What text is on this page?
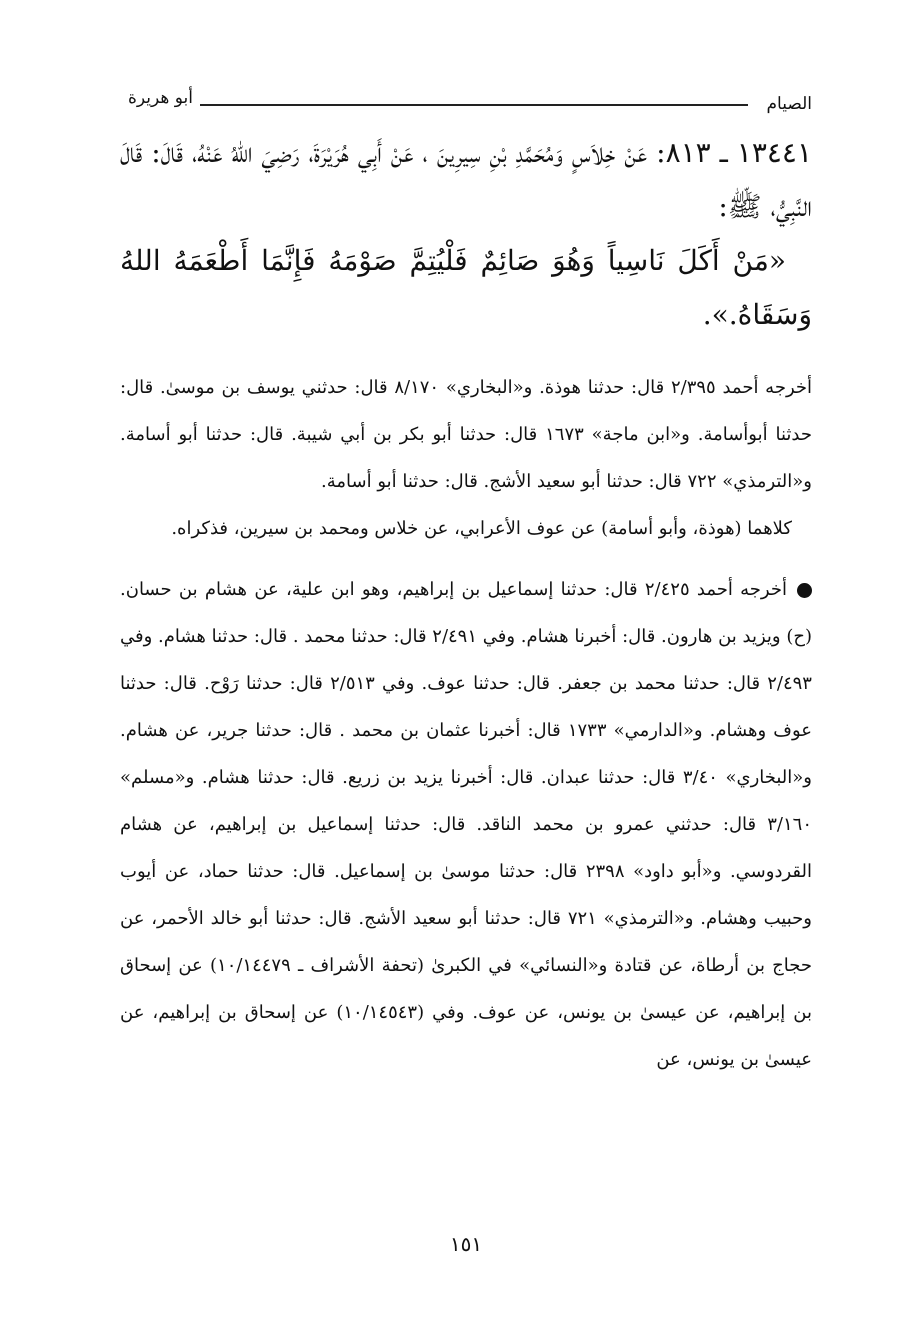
الصيام
أبو هريرة

١٣٤٤١ ـ ٨١٣: عَنْ خِلاَسٍ وَمُحَمَّدِ بْنِ سِيرِينَ ، عَنْ أَبِي هُرَيْرَةَ، رَضِيَ اللهُ عَنْهُ، قَالَ: قَالَ النَّبِيُّ، ﷺ:

«مَنْ أَكَلَ نَاسِياً وَهُوَ صَائِمٌ فَلْيُتِمَّ صَوْمَهُ فَإِنَّمَا أَطْعَمَهُ اللهُ وَسَقَاهُ.».

أخرجه أحمد ٢/٣٩٥ قال: حدثنا هوذة. و«البخاري» ٨/١٧٠ قال: حدثني يوسف بن موسىٰ. قال: حدثنا أبوأسامة. و«ابن ماجة» ١٦٧٣ قال: حدثنا أبو بكر بن أبي شيبة. قال: حدثنا أبو أسامة. و«الترمذي» ٧٢٢ قال: حدثنا أبو سعيد الأشج. قال: حدثنا أبو أسامة.

كلاهما (هوذة، وأبو أسامة) عن عوف الأعرابي، عن خلاس ومحمد بن سيرين، فذكراه.

أخرجه أحمد ٢/٤٢٥ قال: حدثنا إسماعيل بن إبراهيم، وهو ابن علية، عن هشام بن حسان. (ح) ويزيد بن هارون. قال: أخبرنا هشام. وفي ٢/٤٩١ قال: حدثنا محمد . قال: حدثنا هشام. وفي ٢/٤٩٣ قال: حدثنا محمد بن جعفر. قال: حدثنا عوف. وفي ٢/٥١٣ قال: حدثنا رَوْح. قال: حدثنا عوف وهشام. و«الدارمي» ١٧٣٣ قال: أخبرنا عثمان بن محمد . قال: حدثنا جرير، عن هشام. و«البخاري» ٣/٤٠ قال: حدثنا عبدان. قال: أخبرنا يزيد بن زريع. قال: حدثنا هشام. و«مسلم» ٣/١٦٠ قال: حدثني عمرو بن محمد الناقد. قال: حدثنا إسماعيل بن إبراهيم، عن هشام القردوسي. و«أبو داود» ٢٣٩٨ قال: حدثنا موسىٰ بن إسماعيل. قال: حدثنا حماد، عن أيوب وحبيب وهشام. و«الترمذي» ٧٢١ قال: حدثنا أبو سعيد الأشج. قال: حدثنا أبو خالد الأحمر، عن حجاج بن أرطاة، عن قتادة و«النسائي» في الكبرىٰ (تحفة الأشراف ـ ١٠/١٤٤٧٩) عن إسحاق بن إبراهيم، عن عيسىٰ بن يونس، عن عوف. وفي (١٠/١٤٥٤٣) عن إسحاق بن إبراهيم، عن عيسىٰ بن يونس، عن

١٥١
